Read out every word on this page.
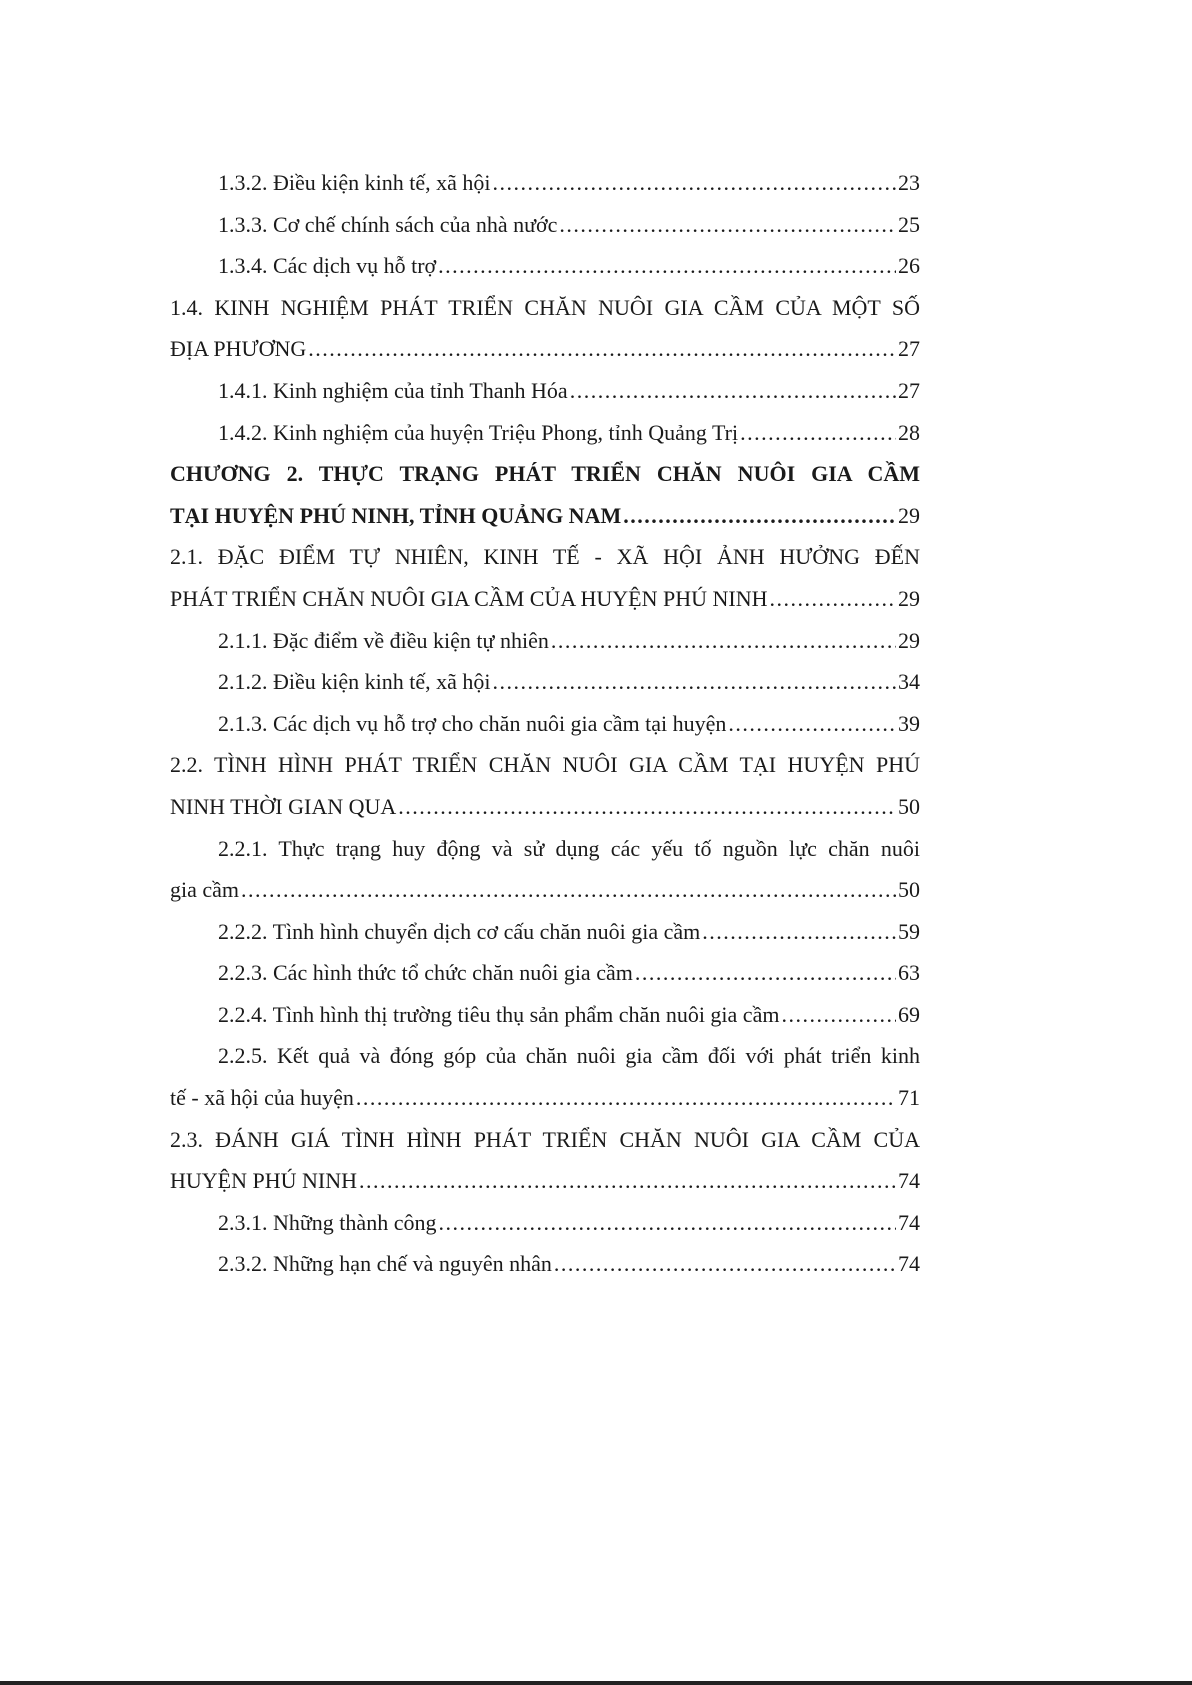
1.3.2. Điều kiện kinh tế, xã hội .....	23
1.3.3. Cơ chế chính sách của nhà nước .....	25
1.3.4. Các dịch vụ hỗ trợ .....	26
1.4. KINH NGHIỆM PHÁT TRIỂN CHĂN NUÔI GIA CẦM CỦA MỘT SỐ
ĐỊA PHƯƠNG .....	27
1.4.1. Kinh nghiệm của tỉnh Thanh Hóa .....	27
1.4.2. Kinh nghiệm của huyện Triệu Phong, tỉnh Quảng Trị .....	28
CHƯƠNG 2. THỰC TRẠNG PHÁT TRIỂN CHĂN NUÔI GIA CẦM
TẠI HUYỆN PHÚ NINH, TỈNH QUẢNG NAM .....	29
2.1. ĐẶC ĐIỂM TỰ NHIÊN, KINH TẾ - XÃ HỘI ẢNH HƯỞNG ĐẾN
PHÁT TRIỂN CHĂN NUÔI GIA CẦM CỦA HUYỆN PHÚ NINH .....	29
2.1.1. Đặc điểm về điều kiện tự nhiên .....	29
2.1.2. Điều kiện kinh tế, xã hội .....	34
2.1.3. Các dịch vụ hỗ trợ cho chăn nuôi gia cầm tại huyện .....	39
2.2. TÌNH HÌNH PHÁT TRIỂN CHĂN NUÔI GIA CẦM TẠI HUYỆN PHÚ
NINH THỜI GIAN QUA .....	50
2.2.1. Thực trạng huy động và sử dụng các yếu tố nguồn lực chăn nuôi
gia cầm .....	50
2.2.2. Tình hình chuyển dịch cơ cấu chăn nuôi gia cầm .....	59
2.2.3. Các hình thức tổ chức chăn nuôi gia cầm .....	63
2.2.4. Tình hình thị trường tiêu thụ sản phẩm chăn nuôi gia cầm .....	69
2.2.5. Kết quả và đóng góp của chăn nuôi gia cầm đối với phát triển kinh
tế - xã hội của huyện .....	71
2.3. ĐÁNH GIÁ TÌNH HÌNH PHÁT TRIỂN CHĂN NUÔI GIA CẦM CỦA
HUYỆN PHÚ NINH .....	74
2.3.1. Những thành công .....	74
2.3.2. Những hạn chế và nguyên nhân .....	74
